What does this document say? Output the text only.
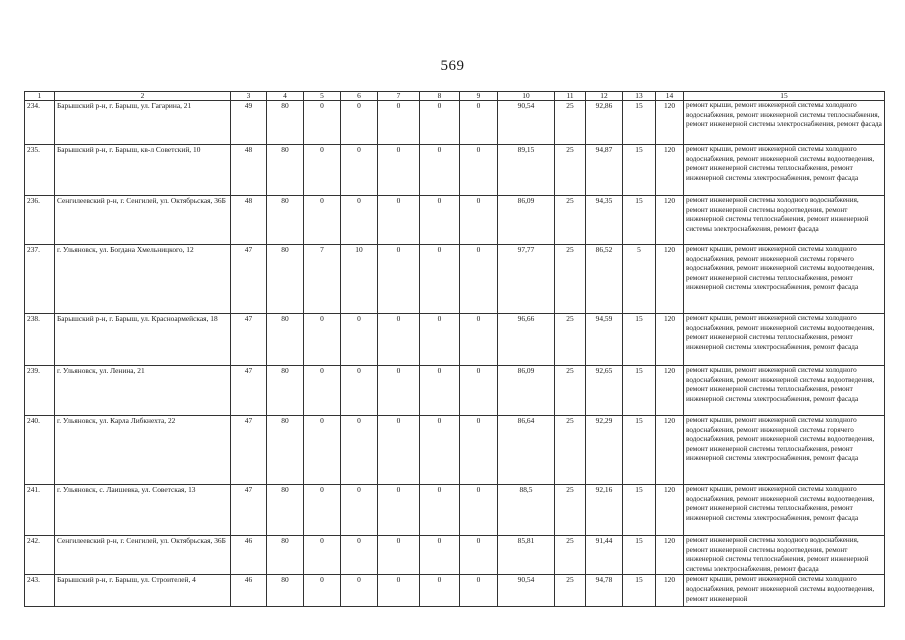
569
1	2	3	4	5	6	7	8	9	10	11	12	13	14	15
234.	Барышский р-н, г. Барыш, ул. Гагарина, 21	49	80	0	0	0	0	0	90,54	25	92,86	15	120	ремонт крыши, ремонт инженерной системы холодного водоснабжения, ремонт инженерной системы теплоснабжения, ремонт инженерной системы электроснабжения, ремонт фасада
235.	Барышский р-н, г. Барыш, кв-л Советский, 10	48	80	0	0	0	0	0	89,15	25	94,87	15	120	ремонт крыши, ремонт инженерной системы холодного водоснабжения, ремонт инженерной системы водоотведения, ремонт инженерной системы теплоснабжения, ремонт инженерной системы электроснабжения, ремонт фасада
236.	Сенгилеевский р-н, г. Сенгилей, ул. Октябрьская, 36Б	48	80	0	0	0	0	0	86,09	25	94,35	15	120	ремонт инженерной системы холодного водоснабжения, ремонт инженерной системы водоотведения, ремонт инженерной системы теплоснабжения, ремонт инженерной системы электроснабжения, ремонт фасада
237.	г. Ульяновск, ул. Богдана Хмельницкого, 12	47	80	7	10	0	0	0	97,77	25	86,52	5	120	ремонт крыши, ремонт инженерной системы холодного водоснабжения, ремонт инженерной системы горячего водоснабжения, ремонт инженерной системы водоотведения, ремонт инженерной системы теплоснабжения, ремонт инженерной системы электроснабжения, ремонт фасада
238.	Барышский р-н, г. Барыш, ул. Красноармейская, 18	47	80	0	0	0	0	0	96,66	25	94,59	15	120	ремонт крыши, ремонт инженерной системы холодного водоснабжения, ремонт инженерной системы водоотведения, ремонт инженерной системы теплоснабжения, ремонт инженерной системы электроснабжения, ремонт фасада
239.	г. Ульяновск, ул. Ленина, 21	47	80	0	0	0	0	0	86,09	25	92,65	15	120	ремонт крыши, ремонт инженерной системы холодного водоснабжения, ремонт инженерной системы водоотведения, ремонт инженерной системы теплоснабжения, ремонт инженерной системы электроснабжения, ремонт фасада
240.	г. Ульяновск, ул. Карла Либкнехта, 22	47	80	0	0	0	0	0	86,64	25	92,29	15	120	ремонт крыши, ремонт инженерной системы холодного водоснабжения, ремонт инженерной системы горячего водоснабжения, ремонт инженерной системы водоотведения, ремонт инженерной системы теплоснабжения, ремонт инженерной системы электроснабжения, ремонт фасада
241.	г. Ульяновск, с. Лаишевка, ул. Советская, 13	47	80	0	0	0	0	0	88,5	25	92,16	15	120	ремонт крыши, ремонт инженерной системы холодного водоснабжения, ремонт инженерной системы водоотведения, ремонт инженерной системы теплоснабжения, ремонт инженерной системы электроснабжения, ремонт фасада
242.	Сенгилеевский р-н, г. Сенгилей, ул. Октябрьская, 36Б	46	80	0	0	0	0	0	85,81	25	91,44	15	120	ремонт инженерной системы холодного водоснабжения, ремонт инженерной системы водоотведения, ремонт инженерной системы теплоснабжения, ремонт инженерной системы электроснабжения, ремонт фасада
243.	Барышский р-н, г. Барыш, ул. Строителей, 4	46	80	0	0	0	0	0	90,54	25	94,78	15	120	ремонт крыши, ремонт инженерной системы холодного водоснабжения, ремонт инженерной системы водоотведения, ремонт инженерной
